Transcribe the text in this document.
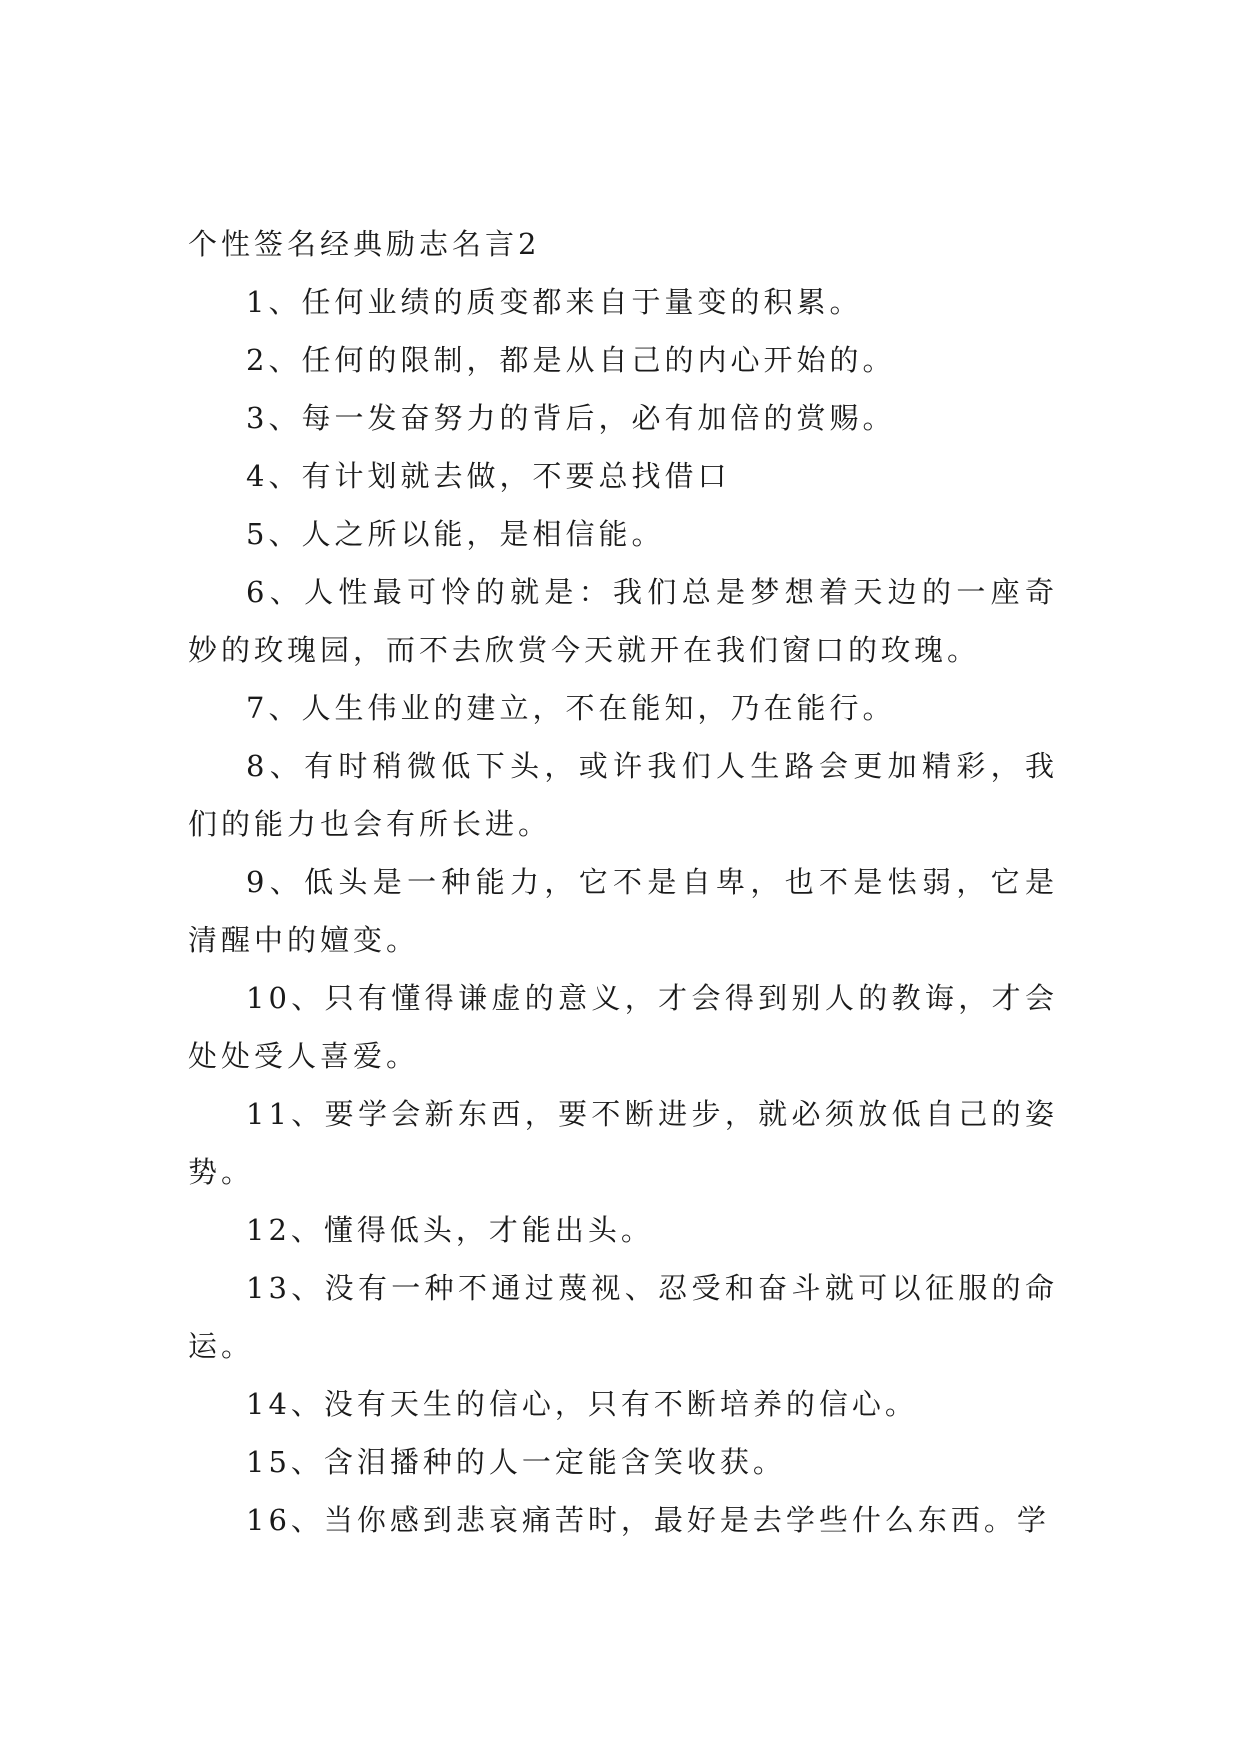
个性签名经典励志名言2

1、任何业绩的质变都来自于量变的积累。

2、任何的限制，都是从自己的内心开始的。

3、每一发奋努力的背后，必有加倍的赏赐。

4、有计划就去做，不要总找借口

5、人之所以能，是相信能。

6、人性最可怜的就是：我们总是梦想着天边的一座奇妙的玫瑰园，而不去欣赏今天就开在我们窗口的玫瑰。

7、人生伟业的建立，不在能知，乃在能行。

8、有时稍微低下头，或许我们人生路会更加精彩，我们的能力也会有所长进。

9、低头是一种能力，它不是自卑，也不是怯弱，它是清醒中的嬗变。

10、只有懂得谦虚的意义，才会得到别人的教诲，才会处处受人喜爱。

11、要学会新东西，要不断进步，就必须放低自己的姿势。

12、懂得低头，才能出头。

13、没有一种不通过蔑视、忍受和奋斗就可以征服的命运。

14、没有天生的信心，只有不断培养的信心。

15、含泪播种的人一定能含笑收获。

16、当你感到悲哀痛苦时，最好是去学些什么东西。学
